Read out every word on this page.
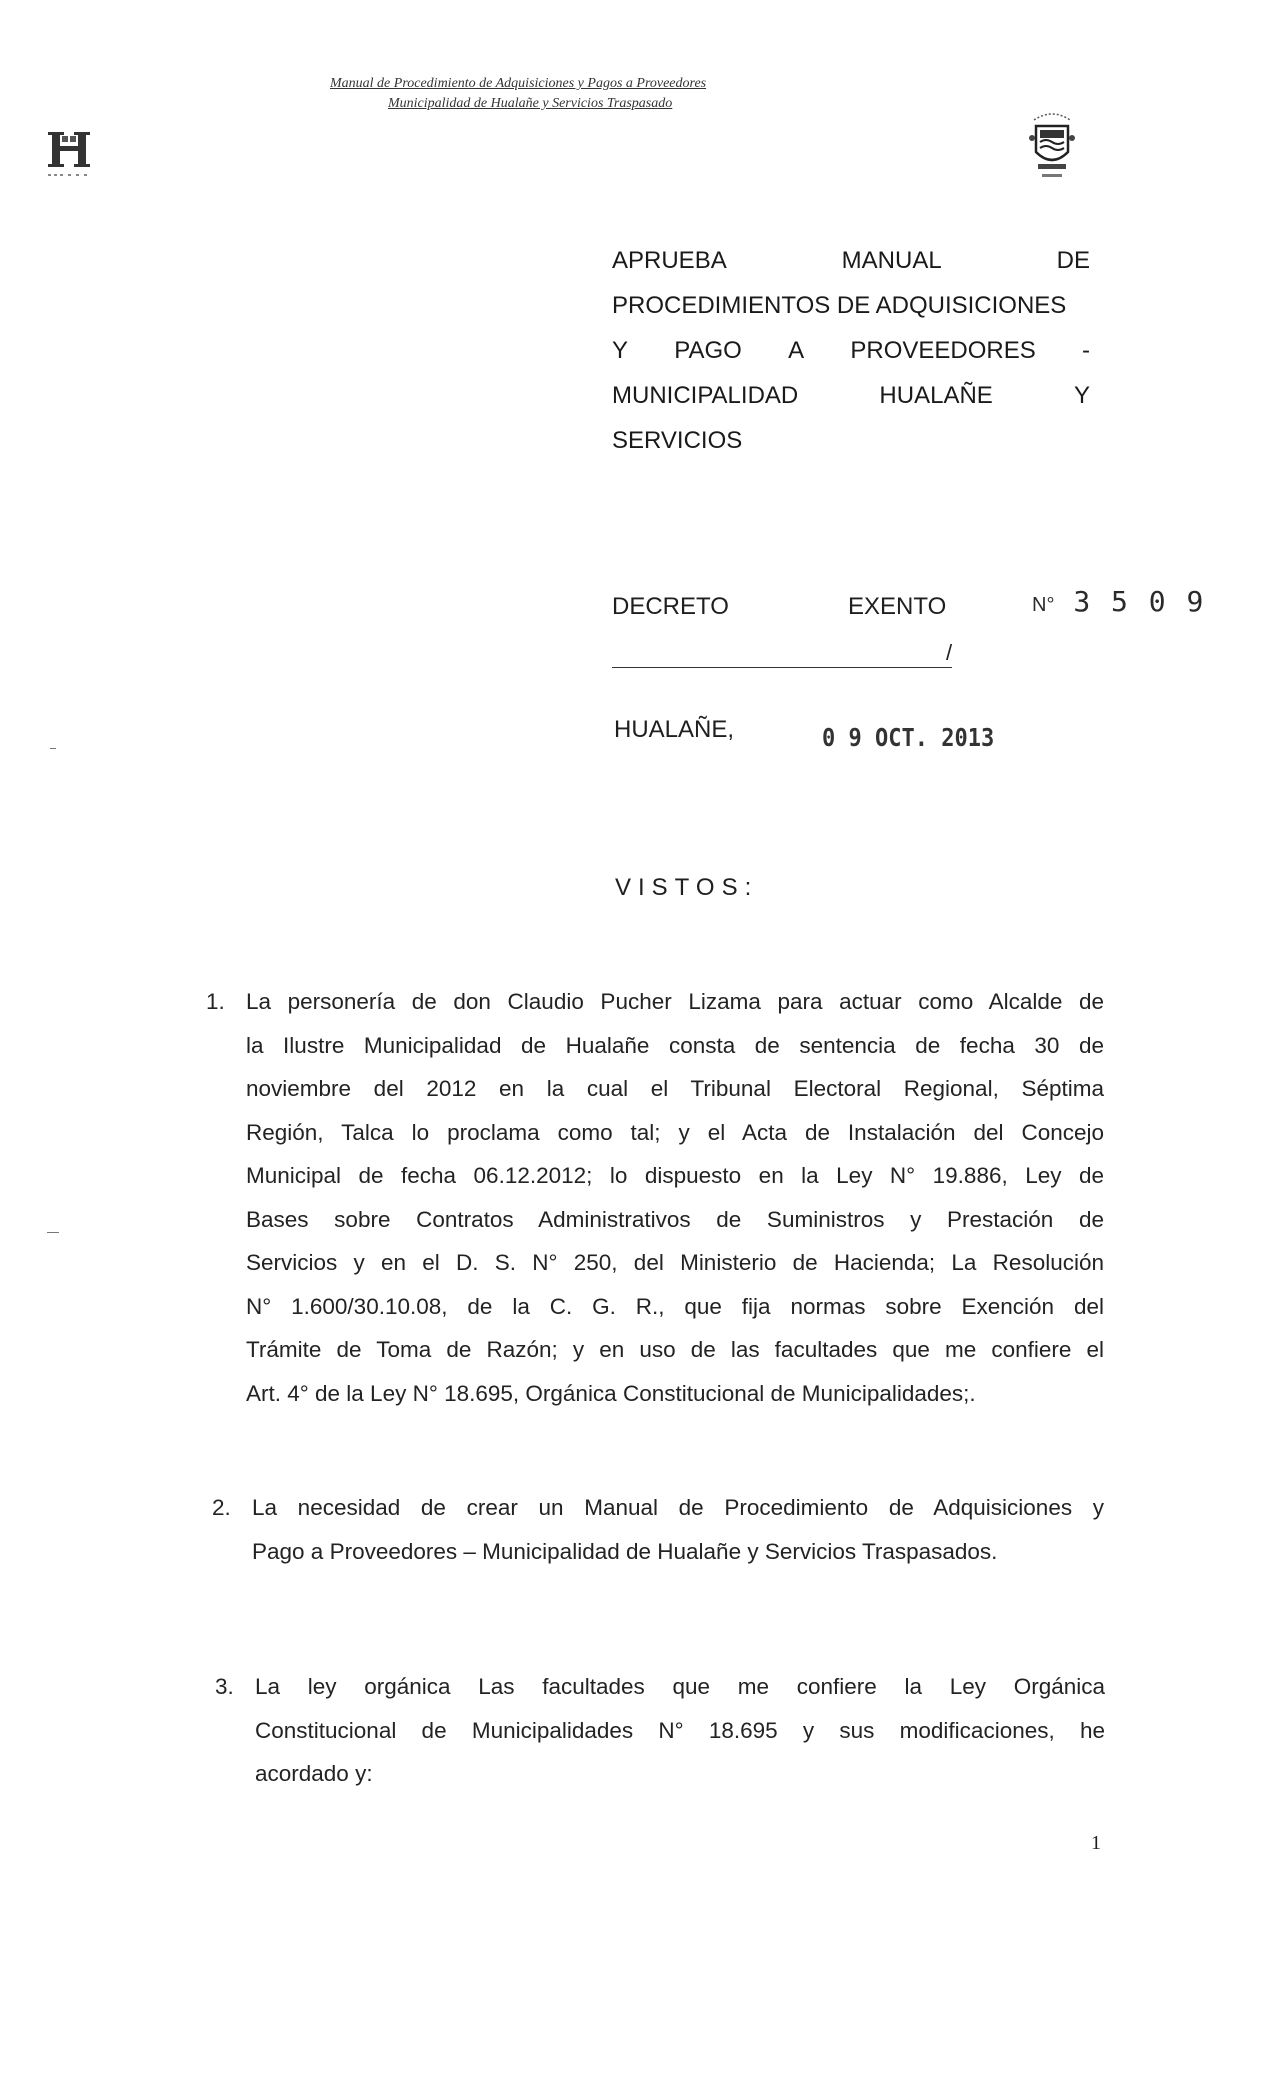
Manual de Procedimiento de Adquisiciones y Pagos a Proveedores
Municipalidad de Hualañe y Servicios Traspasado
APRUEBA	MANUAL	DE
PROCEDIMIENTOS DE ADQUISICIONES
Y PAGO A PROVEEDORES -
MUNICIPALIDAD	HUALAÑE	Y
SERVICIOS
DECRETO	EXENTO	N° 3 5 0 9
/
HUALAÑE,	0 9 OCT. 2013
VISTOS:
1. La personería de don Claudio Pucher Lizama para actuar como Alcalde de
la Ilustre Municipalidad de Hualañe consta de sentencia de fecha 30 de
noviembre del 2012 en la cual el Tribunal Electoral Regional, Séptima
Región, Talca lo proclama como tal; y el Acta de Instalación del Concejo
Municipal de fecha 06.12.2012; lo dispuesto en la Ley N° 19.886, Ley de
Bases sobre Contratos Administrativos de Suministros y Prestación de
Servicios y en el D. S. N° 250, del Ministerio de Hacienda; La Resolución
N° 1.600/30.10.08, de la C. G. R., que fija normas sobre Exención del
Trámite de Toma de Razón; y en uso de las facultades que me confiere el
Art. 4° de la Ley N° 18.695, Orgánica Constitucional de Municipalidades;.
2. La necesidad de crear un Manual de Procedimiento de Adquisiciones y
Pago a Proveedores – Municipalidad de Hualañe y Servicios Traspasados.
3. La ley orgánica Las facultades que me confiere la Ley Orgánica
Constitucional de Municipalidades N° 18.695 y sus modificaciones, he
acordado y:
1
